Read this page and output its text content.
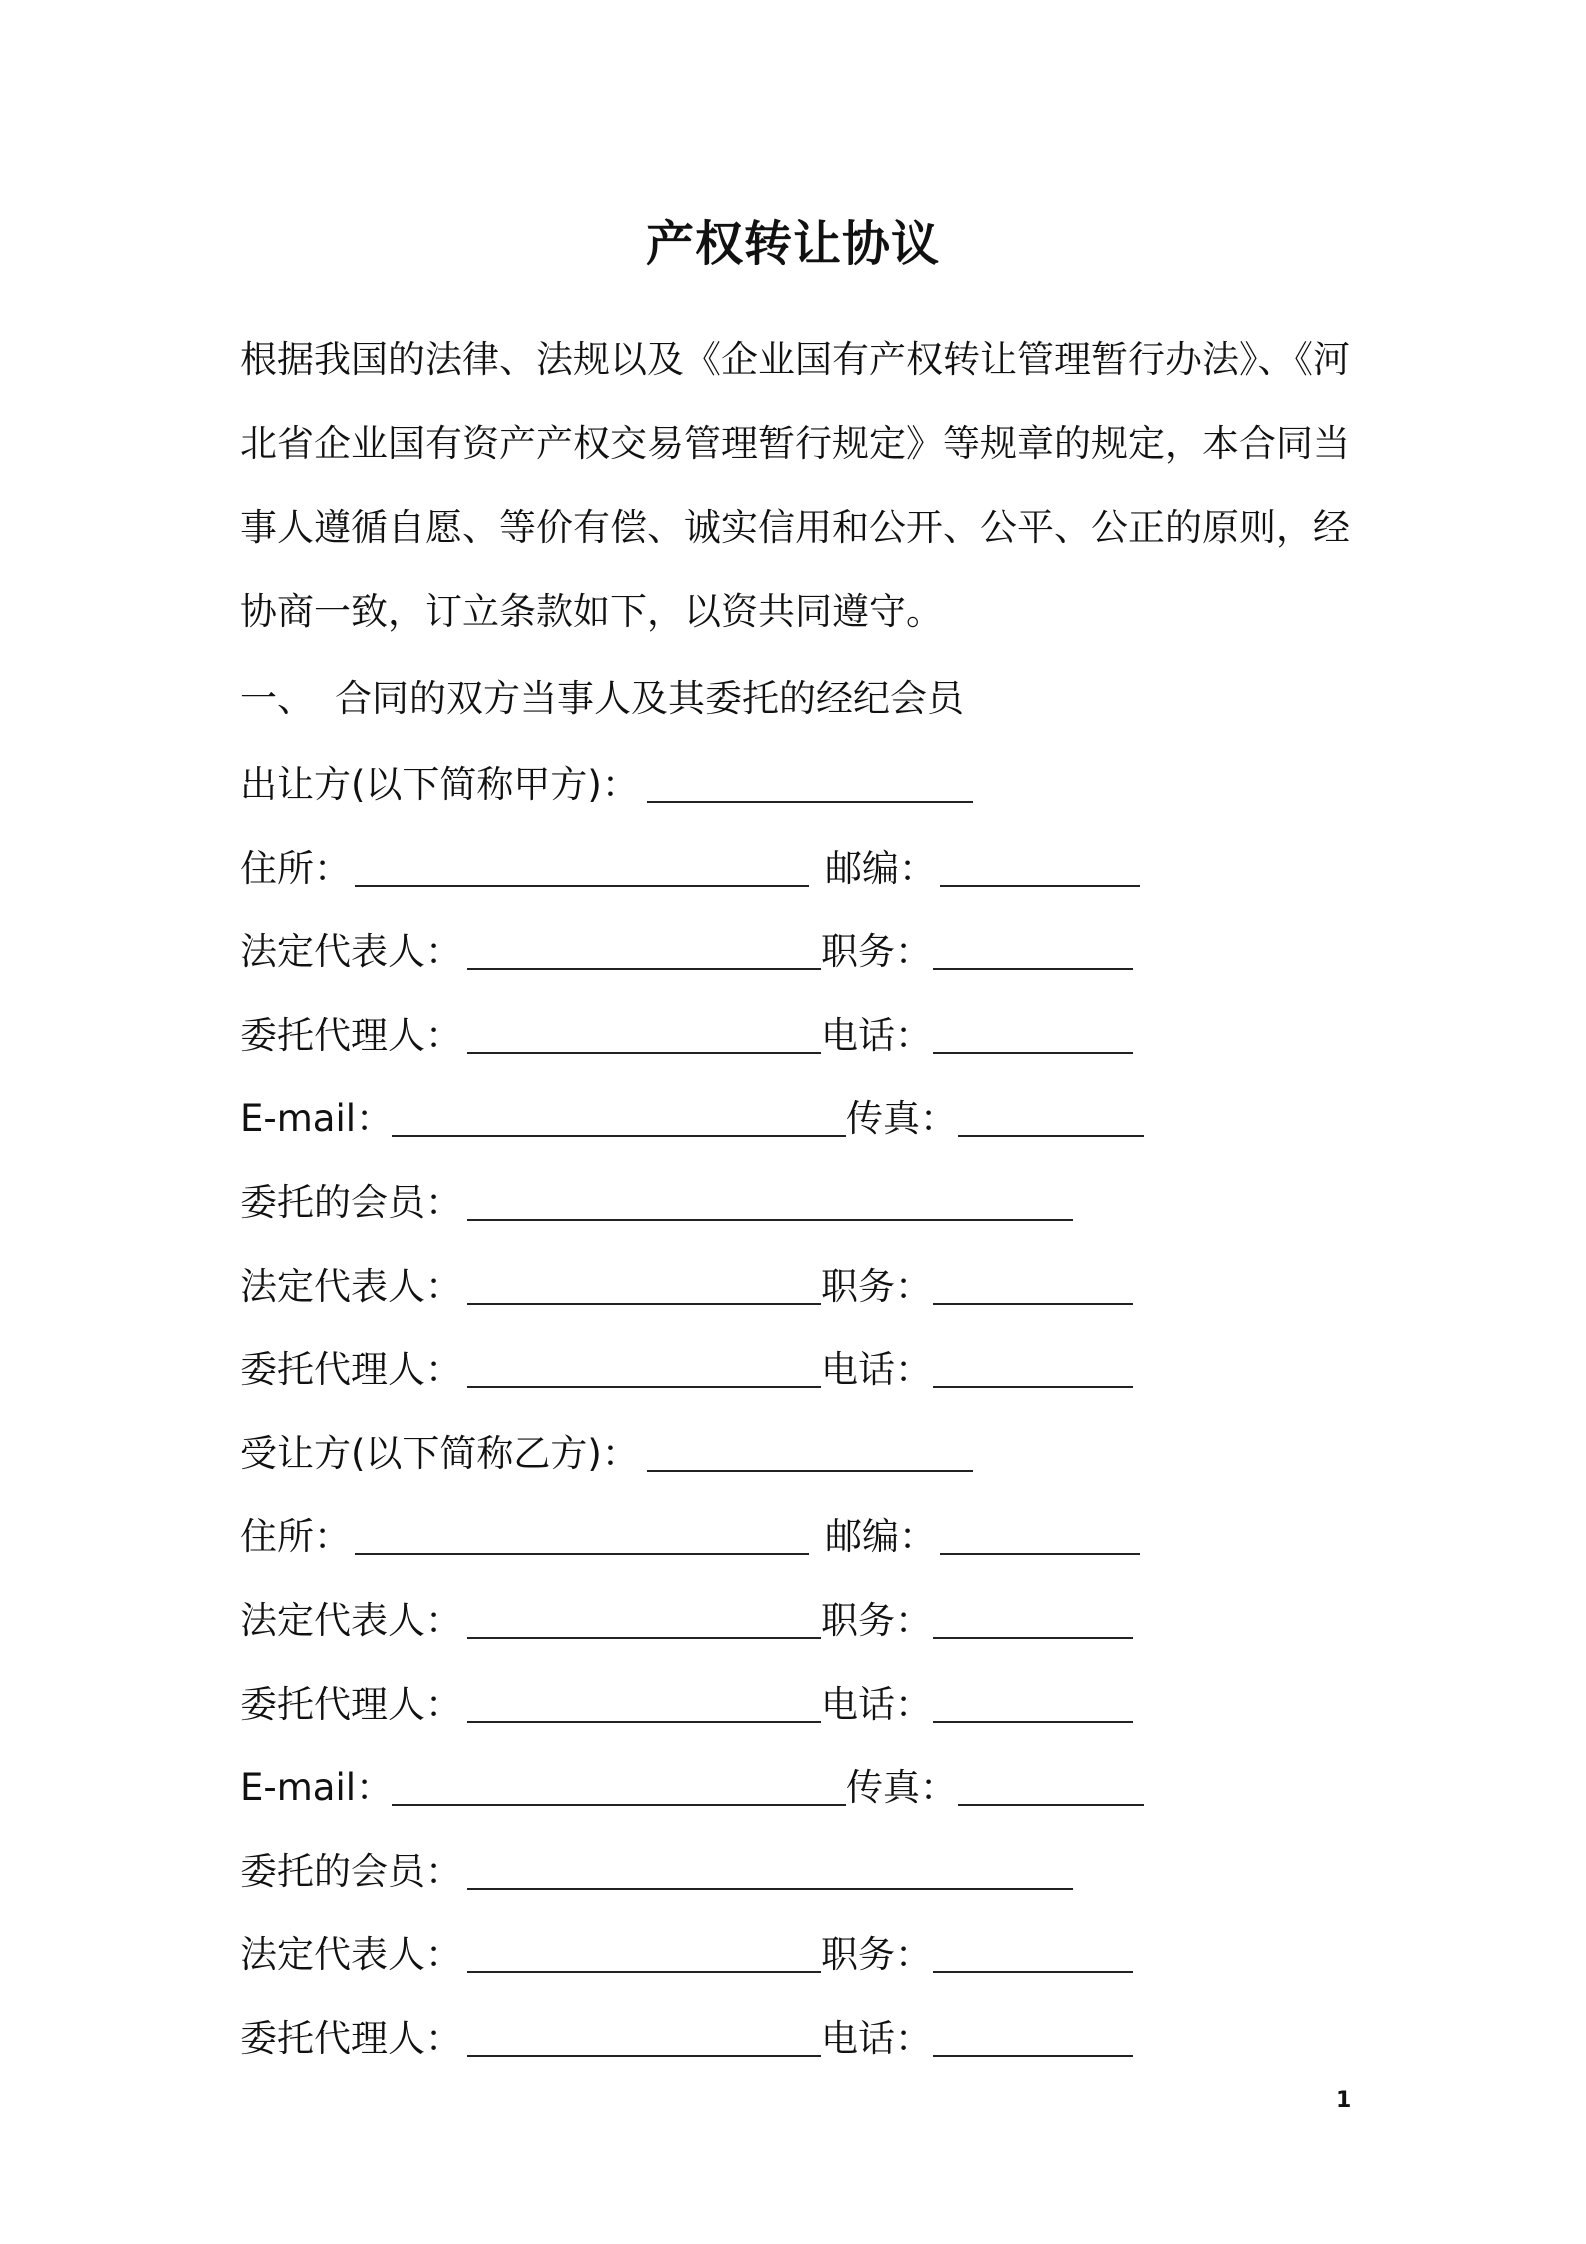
产权转让协议
根据我国的法律、法规以及《企业国有产权转让管理暂行办法》、《河
北省企业国有资产产权交易管理暂行规定》等规章的规定，本合同当
事人遵循自愿、等价有偿、诚实信用和公开、公平、公正的原则，经
协商一致，订立条款如下，以资共同遵守。
一、 合同的双方当事人及其委托的经纪会员
出让方(以下简称甲方)：
住所：	邮编：
法定代表人：	职务：
委托代理人：	电话：
E-mail：	传真：
委托的会员：
法定代表人：	职务：
委托代理人：	电话：
受让方(以下简称乙方)：
住所：	邮编：
法定代表人：	职务：
委托代理人：	电话：
E-mail：	传真：
委托的会员：
法定代表人：	职务：
委托代理人：	电话：
1
